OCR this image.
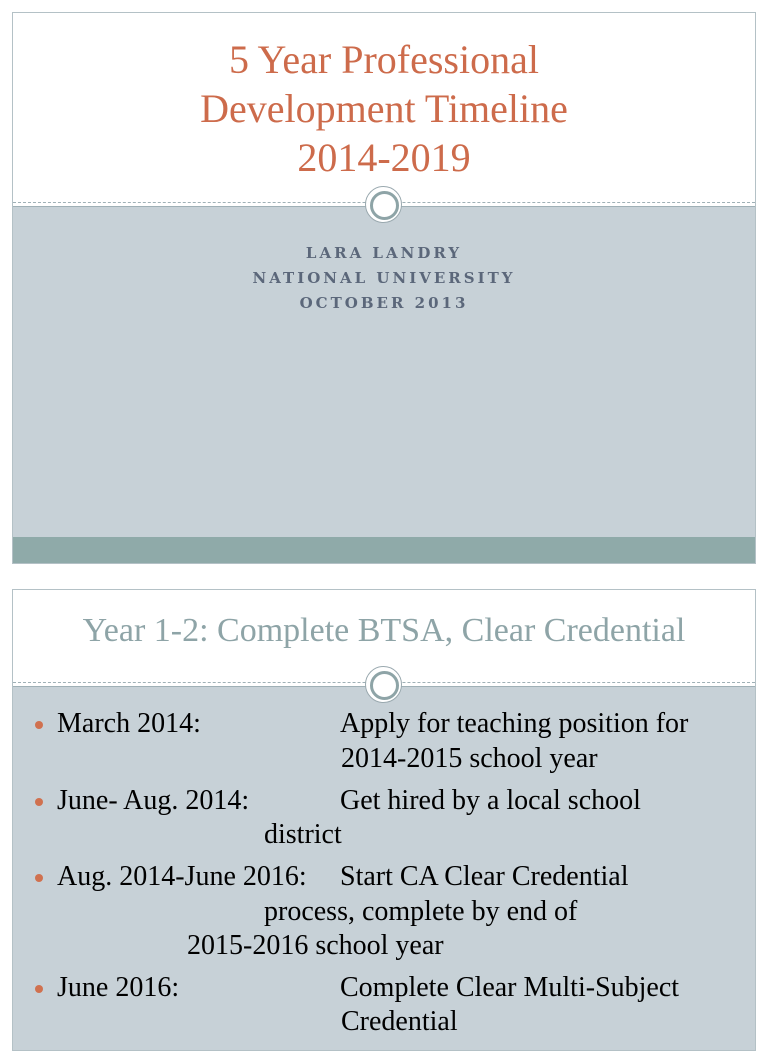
5 Year Professional
Development Timeline
2014-2019
LARA LANDRY
NATIONAL UNIVERSITY
OCTOBER 2013
Year 1-2: Complete BTSA, Clear Credential
March 2014:	Apply for teaching position for
2014-2015 school year
June- Aug. 2014:	Get hired by a local school
district
Aug. 2014-June 2016: Start CA Clear Credential
process, complete by end of
2015-2016 school year
June 2016:	Complete Clear Multi-Subject
Credential
